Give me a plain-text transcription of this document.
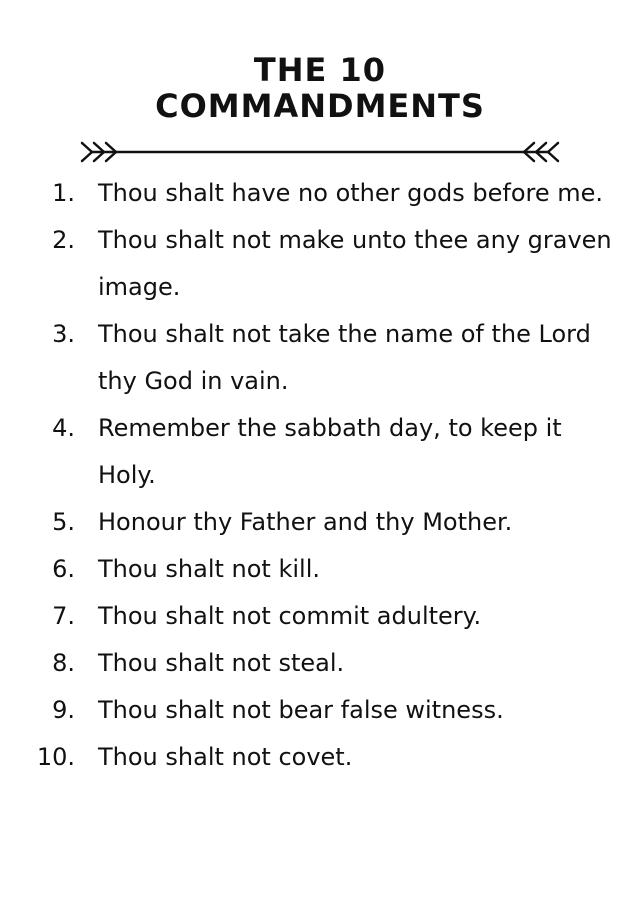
THE 10
COMMANDMENTS
1. Thou shalt have no other gods before me.
2. Thou shalt not make unto thee any graven image.
3. Thou shalt not take the name of the Lord thy God in vain.
4. Remember the sabbath day, to keep it Holy.
5. Honour thy Father and thy Mother.
6. Thou shalt not kill.
7. Thou shalt not commit adultery.
8. Thou shalt not steal.
9. Thou shalt not bear false witness.
10. Thou shalt not covet.
